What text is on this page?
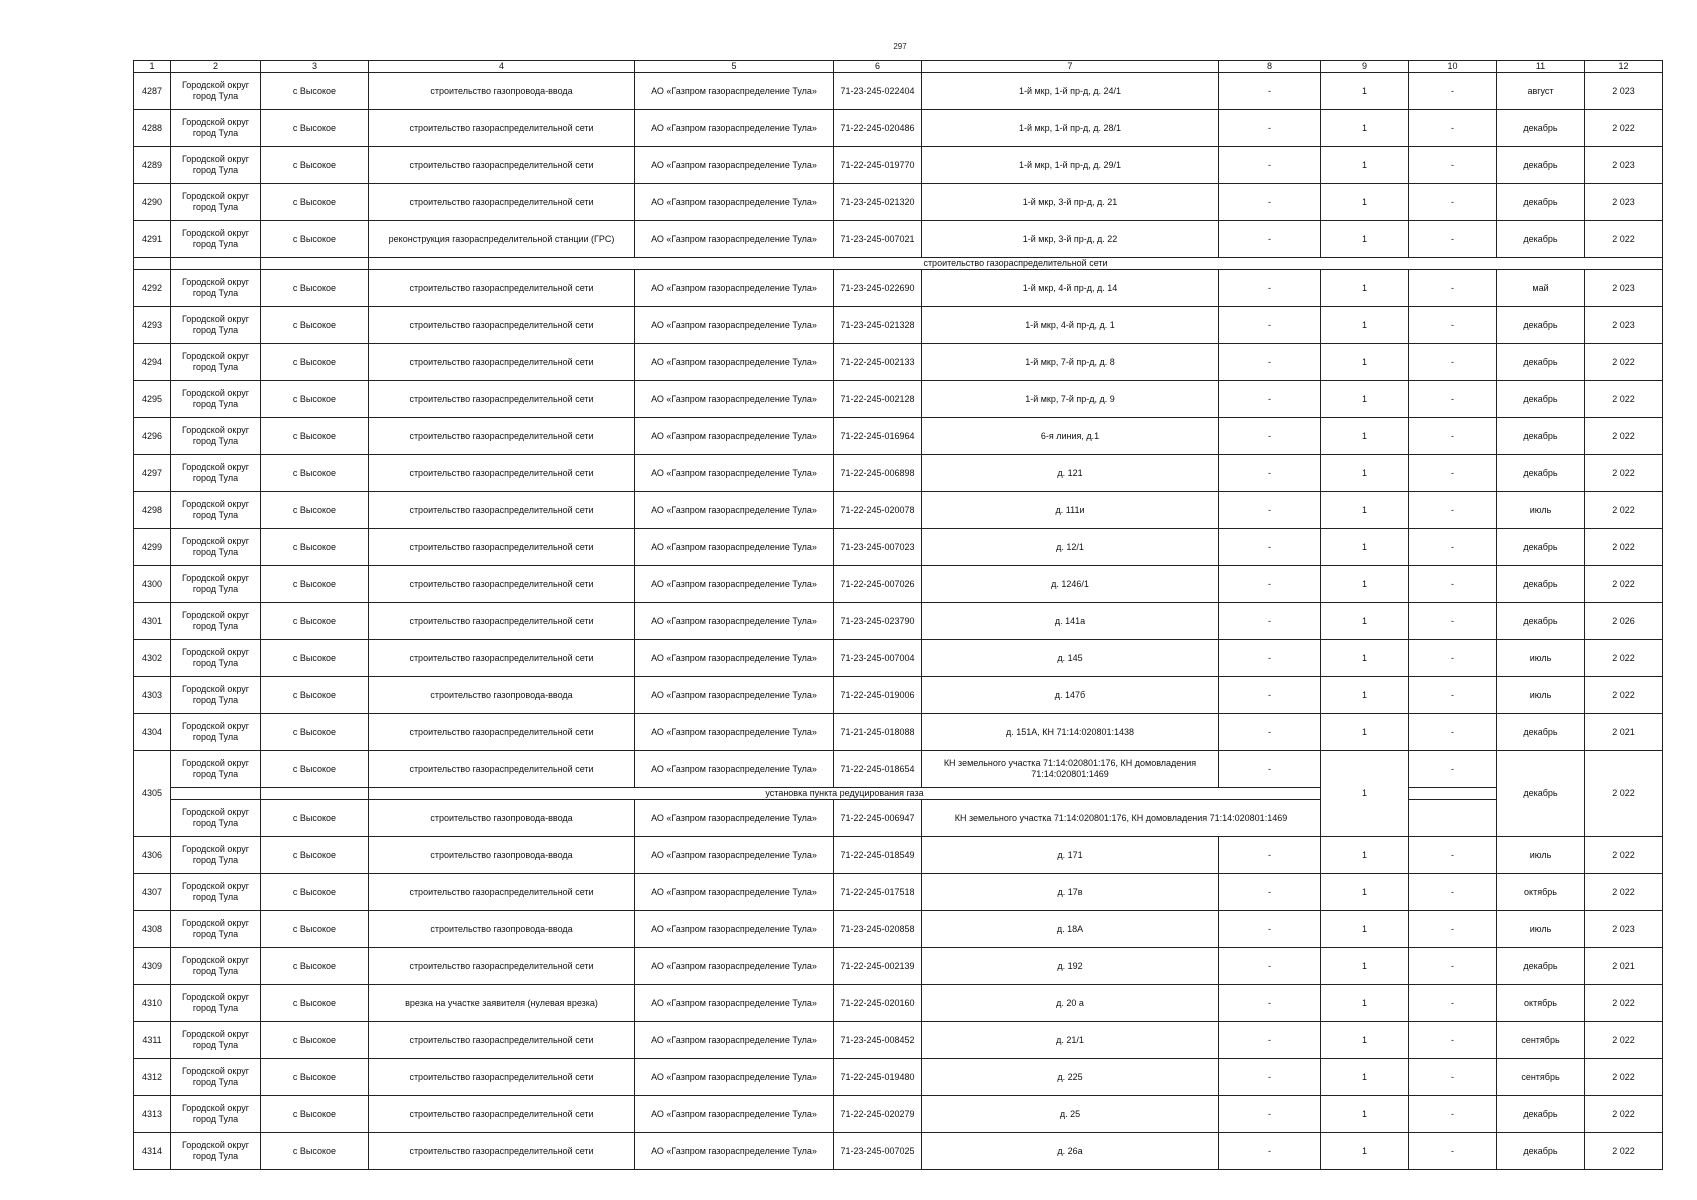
297
1	2	3	4	5	6	7	8	9	10	11	12
4287	Городской округ город Тула	с Высокое	строительство газопровода-ввода	АО «Газпром газораспределение Тула»	71-23-245-022404	1-й мкр, 1-й пр-д, д. 24/1	-	1	-	август	2 023
4288	Городской округ город Тула	с Высокое	строительство газораспределительной сети	АО «Газпром газораспределение Тула»	71-22-245-020486	1-й мкр, 1-й пр-д, д. 28/1	-	1	-	декабрь	2 022
4289	Городской округ город Тула	с Высокое	строительство газораспределительной сети	АО «Газпром газораспределение Тула»	71-22-245-019770	1-й мкр, 1-й пр-д, д. 29/1	-	1	-	декабрь	2 023
4290	Городской округ город Тула	с Высокое	строительство газораспределительной сети	АО «Газпром газораспределение Тула»	71-23-245-021320	1-й мкр, 3-й пр-д, д. 21	-	1	-	декабрь	2 023
4291	Городской округ город Тула	с Высокое	реконструкция газораспределительной станции (ГРС)	АО «Газпром газораспределение Тула»	71-23-245-007021	1-й мкр, 3-й пр-д, д. 22	-	1	-	декабрь	2 022
			строительство газораспределительной сети								
4292	Городской округ город Тула	с Высокое	строительство газораспределительной сети	АО «Газпром газораспределение Тула»	71-23-245-022690	1-й мкр, 4-й пр-д, д. 14	-	1	-	май	2 023
4293	Городской округ город Тула	с Высокое	строительство газораспределительной сети	АО «Газпром газораспределение Тула»	71-23-245-021328	1-й мкр, 4-й пр-д, д. 1	-	1	-	декабрь	2 023
4294	Городской округ город Тула	с Высокое	строительство газораспределительной сети	АО «Газпром газораспределение Тула»	71-22-245-002133	1-й мкр, 7-й пр-д, д. 8	-	1	-	декабрь	2 022
4295	Городской округ город Тула	с Высокое	строительство газораспределительной сети	АО «Газпром газораспределение Тула»	71-22-245-002128	1-й мкр, 7-й пр-д, д. 9	-	1	-	декабрь	2 022
4296	Городской округ город Тула	с Высокое	строительство газораспределительной сети	АО «Газпром газораспределение Тула»	71-22-245-016964	6-я линия, д.1	-	1	-	декабрь	2 022
4297	Городской округ город Тула	с Высокое	строительство газораспределительной сети	АО «Газпром газораспределение Тула»	71-22-245-006898	д. 121	-	1	-	декабрь	2 022
4298	Городской округ город Тула	с Высокое	строительство газораспределительной сети	АО «Газпром газораспределение Тула»	71-22-245-020078	д. 111и	-	1	-	июль	2 022
4299	Городской округ город Тула	с Высокое	строительство газораспределительной сети	АО «Газпром газораспределение Тула»	71-23-245-007023	д. 12/1	-	1	-	декабрь	2 022
4300	Городской округ город Тула	с Высокое	строительство газораспределительной сети	АО «Газпром газораспределение Тула»	71-22-245-007026	д. 1246/1	-	1	-	декабрь	2 022
4301	Городской округ город Тула	с Высокое	строительство газораспределительной сети	АО «Газпром газораспределение Тула»	71-23-245-023790	д. 141а	-	1	-	декабрь	2 026
4302	Городской округ город Тула	с Высокое	строительство газораспределительной сети	АО «Газпром газораспределение Тула»	71-23-245-007004	д. 145	-	1	-	июль	2 022
4303	Городской округ город Тула	с Высокое	строительство газопровода-ввода	АО «Газпром газораспределение Тула»	71-22-245-019006	д. 147б	-	1	-	июль	2 022
4304	Городской округ город Тула	с Высокое	строительство газораспределительной сети	АО «Газпром газораспределение Тула»	71-21-245-018088	д. 151А, КН 71:14:020801:1438	-	1	-	декабрь	2 021
4305	Городской округ город Тула	с Высокое	строительство газораспределительной сети	АО «Газпром газораспределение Тула»	71-22-245-018654	КН земельного участка 71:14:020801:176, КН домовладения 71:14:020801:1469	-	1	-	декабрь	2 022
			установка пункта редуцирования газа								
	Городской округ город Тула	с Высокое	строительство газопровода-ввода	АО «Газпром газораспределение Тула»	71-22-245-006947	КН земельного участка 71:14:020801:176, КН домовладения 71:14:020801:1469					
4306	Городской округ город Тула	с Высокое	строительство газопровода-ввода	АО «Газпром газораспределение Тула»	71-22-245-018549	д. 171	-	1	-	июль	2 022
4307	Городской округ город Тула	с Высокое	строительство газораспределительной сети	АО «Газпром газораспределение Тула»	71-22-245-017518	д. 17в	-	1	-	октябрь	2 022
4308	Городской округ город Тула	с Высокое	строительство газопровода-ввода	АО «Газпром газораспределение Тула»	71-23-245-020858	д. 18А	-	1	-	июль	2 023
4309	Городской округ город Тула	с Высокое	строительство газораспределительной сети	АО «Газпром газораспределение Тула»	71-22-245-002139	д. 192	-	1	-	декабрь	2 021
4310	Городской округ город Тула	с Высокое	врезка на участке заявителя (нулевая врезка)	АО «Газпром газораспределение Тула»	71-22-245-020160	д. 20 а	-	1	-	октябрь	2 022
4311	Городской округ город Тула	с Высокое	строительство газораспределительной сети	АО «Газпром газораспределение Тула»	71-23-245-008452	д. 21/1	-	1	-	сентябрь	2 022
4312	Городской округ город Тула	с Высокое	строительство газораспределительной сети	АО «Газпром газораспределение Тула»	71-22-245-019480	д. 225	-	1	-	сентябрь	2 022
4313	Городской округ город Тула	с Высокое	строительство газораспределительной сети	АО «Газпром газораспределение Тула»	71-22-245-020279	д. 25	-	1	-	декабрь	2 022
4314	Городской округ город Тула	с Высокое	строительство газораспределительной сети	АО «Газпром газораспределение Тула»	71-23-245-007025	д. 26а	-	1	-	декабрь	2 022
